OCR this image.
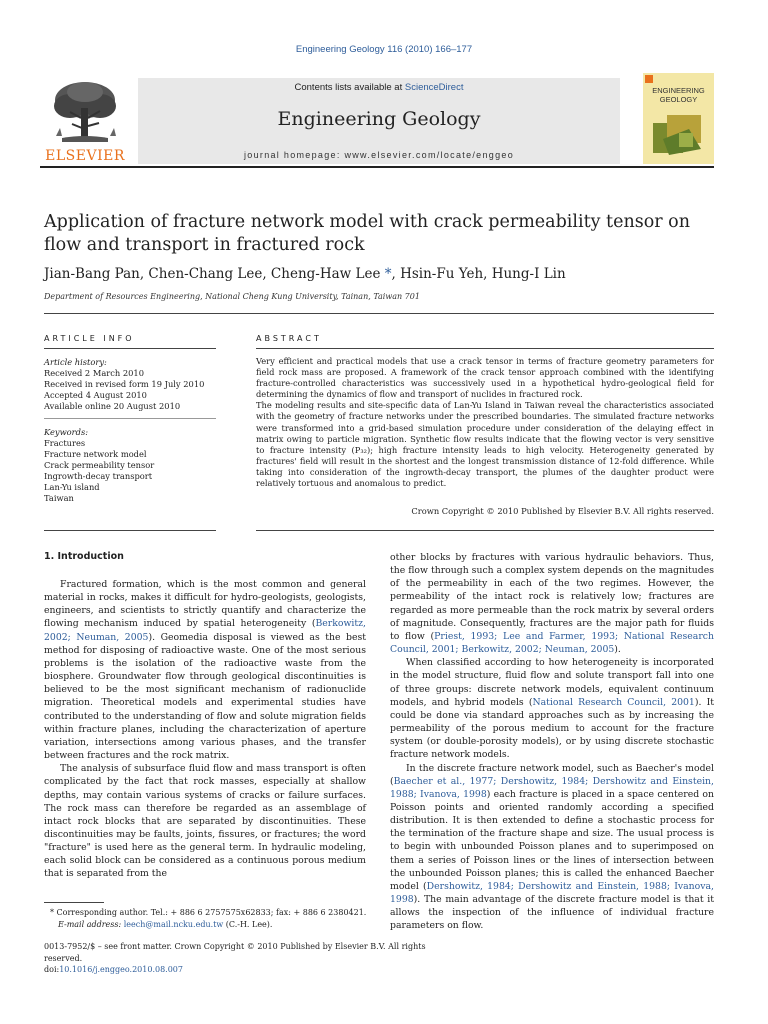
Engineering Geology 116 (2010) 166–177
ELSEVIER
Contents lists available at ScienceDirect
Engineering Geology
journal homepage: www.elsevier.com/locate/enggeo
ENGINEERING
GEOLOGY
Application of fracture network model with crack permeability tensor on flow and transport in fractured rock
Jian-Bang Pan, Chen-Chang Lee, Cheng-Haw Lee *, Hsin-Fu Yeh, Hung-I Lin
Department of Resources Engineering, National Cheng Kung University, Tainan, Taiwan 701
ARTICLE INFO	ABSTRACT
Article history:
Received 2 March 2010
Received in revised form 19 July 2010
Accepted 4 August 2010
Available online 20 August 2010
Keywords:
Fractures
Fracture network model
Crack permeability tensor
Ingrowth-decay transport
Lan-Yu island
Taiwan
Very efficient and practical models that use a crack tensor in terms of fracture geometry parameters for field rock mass are proposed. A framework of the crack tensor approach combined with the identifying fracture-controlled characteristics was successively used in a hypothetical hydro-geological field for determining the dynamics of flow and transport of nuclides in fractured rock.
The modeling results and site-specific data of Lan-Yu Island in Taiwan reveal the characteristics associated with the geometry of fracture networks under the prescribed boundaries. The simulated fracture networks were transformed into a grid-based simulation procedure under consideration of the delaying effect in matrix owing to particle migration. Synthetic flow results indicate that the flowing vector is very sensitive to fracture intensity (P₃₂); high fracture intensity leads to high velocity. Heterogeneity generated by fractures' field will result in the shortest and the longest transmission distance of 12-fold difference. While taking into consideration of the ingrowth-decay transport, the plumes of the daughter product were relatively tortuous and anomalous to predict.
Crown Copyright © 2010 Published by Elsevier B.V. All rights reserved.
1. Introduction

Fractured formation, which is the most common and general material in rocks, makes it difficult for hydro-geologists, geologists, engineers, and scientists to strictly quantify and characterize the flowing mechanism induced by spatial heterogeneity (Berkowitz, 2002; Neuman, 2005). Geomedia disposal is viewed as the best method for disposing of radioactive waste. One of the most serious problems is the isolation of the radioactive waste from the biosphere. Groundwater flow through geological discontinuities is believed to be the most significant mechanism of radionuclide migration. Theoretical models and experimental studies have contributed to the understanding of flow and solute migration fields within fracture planes, including the characterization of aperture variation, intersections among various phases, and the transfer between fractures and the rock matrix.

The analysis of subsurface fluid flow and mass transport is often complicated by the fact that rock masses, especially at shallow depths, may contain various systems of cracks or failure surfaces. The rock mass can therefore be regarded as an assemblage of intact rock blocks that are separated by discontinuities. These discontinuities may be faults, joints, fissures, or fractures; the word "fracture" is used here as the general term. In hydraulic modeling, each solid block can be considered as a continuous porous medium that is separated from the

other blocks by fractures with various hydraulic behaviors. Thus, the flow through such a complex system depends on the magnitudes of the permeability in each of the two regimes. However, the permeability of the intact rock is relatively low; fractures are regarded as more permeable than the rock matrix by several orders of magnitude. Consequently, fractures are the major path for fluids to flow (Priest, 1993; Lee and Farmer, 1993; National Research Council, 2001; Berkowitz, 2002; Neuman, 2005).

When classified according to how heterogeneity is incorporated in the model structure, fluid flow and solute transport fall into one of three groups: discrete network models, equivalent continuum models, and hybrid models (National Research Council, 2001). It could be done via standard approaches such as by increasing the permeability of the porous medium to account for the fracture system (or double-porosity models), or by using discrete stochastic fracture network models.

In the discrete fracture network model, such as Baecher's model (Baecher et al., 1977; Dershowitz, 1984; Dershowitz and Einstein, 1988; Ivanova, 1998) each fracture is placed in a space centered on Poisson points and oriented randomly according a specified distribution. It is then extended to define a stochastic process for the termination of the fracture shape and size. The usual process is to begin with unbounded Poisson planes and to superimposed on them a series of Poisson lines or the lines of intersection between the unbounded Poisson planes; this is called the enhanced Baecher model (Dershowitz, 1984; Dershowitz and Einstein, 1988; Ivanova, 1998). The main advantage of the discrete fracture model is that it allows the inspection of the influence of individual fracture parameters on flow.

* Corresponding author. Tel.: + 886 6 2757575x62833; fax: + 886 6 2380421.
E-mail address: leech@mail.ncku.edu.tw (C.-H. Lee).
0013-7952/$ – see front matter. Crown Copyright © 2010 Published by Elsevier B.V. All rights reserved.
doi:10.1016/j.enggeo.2010.08.007
